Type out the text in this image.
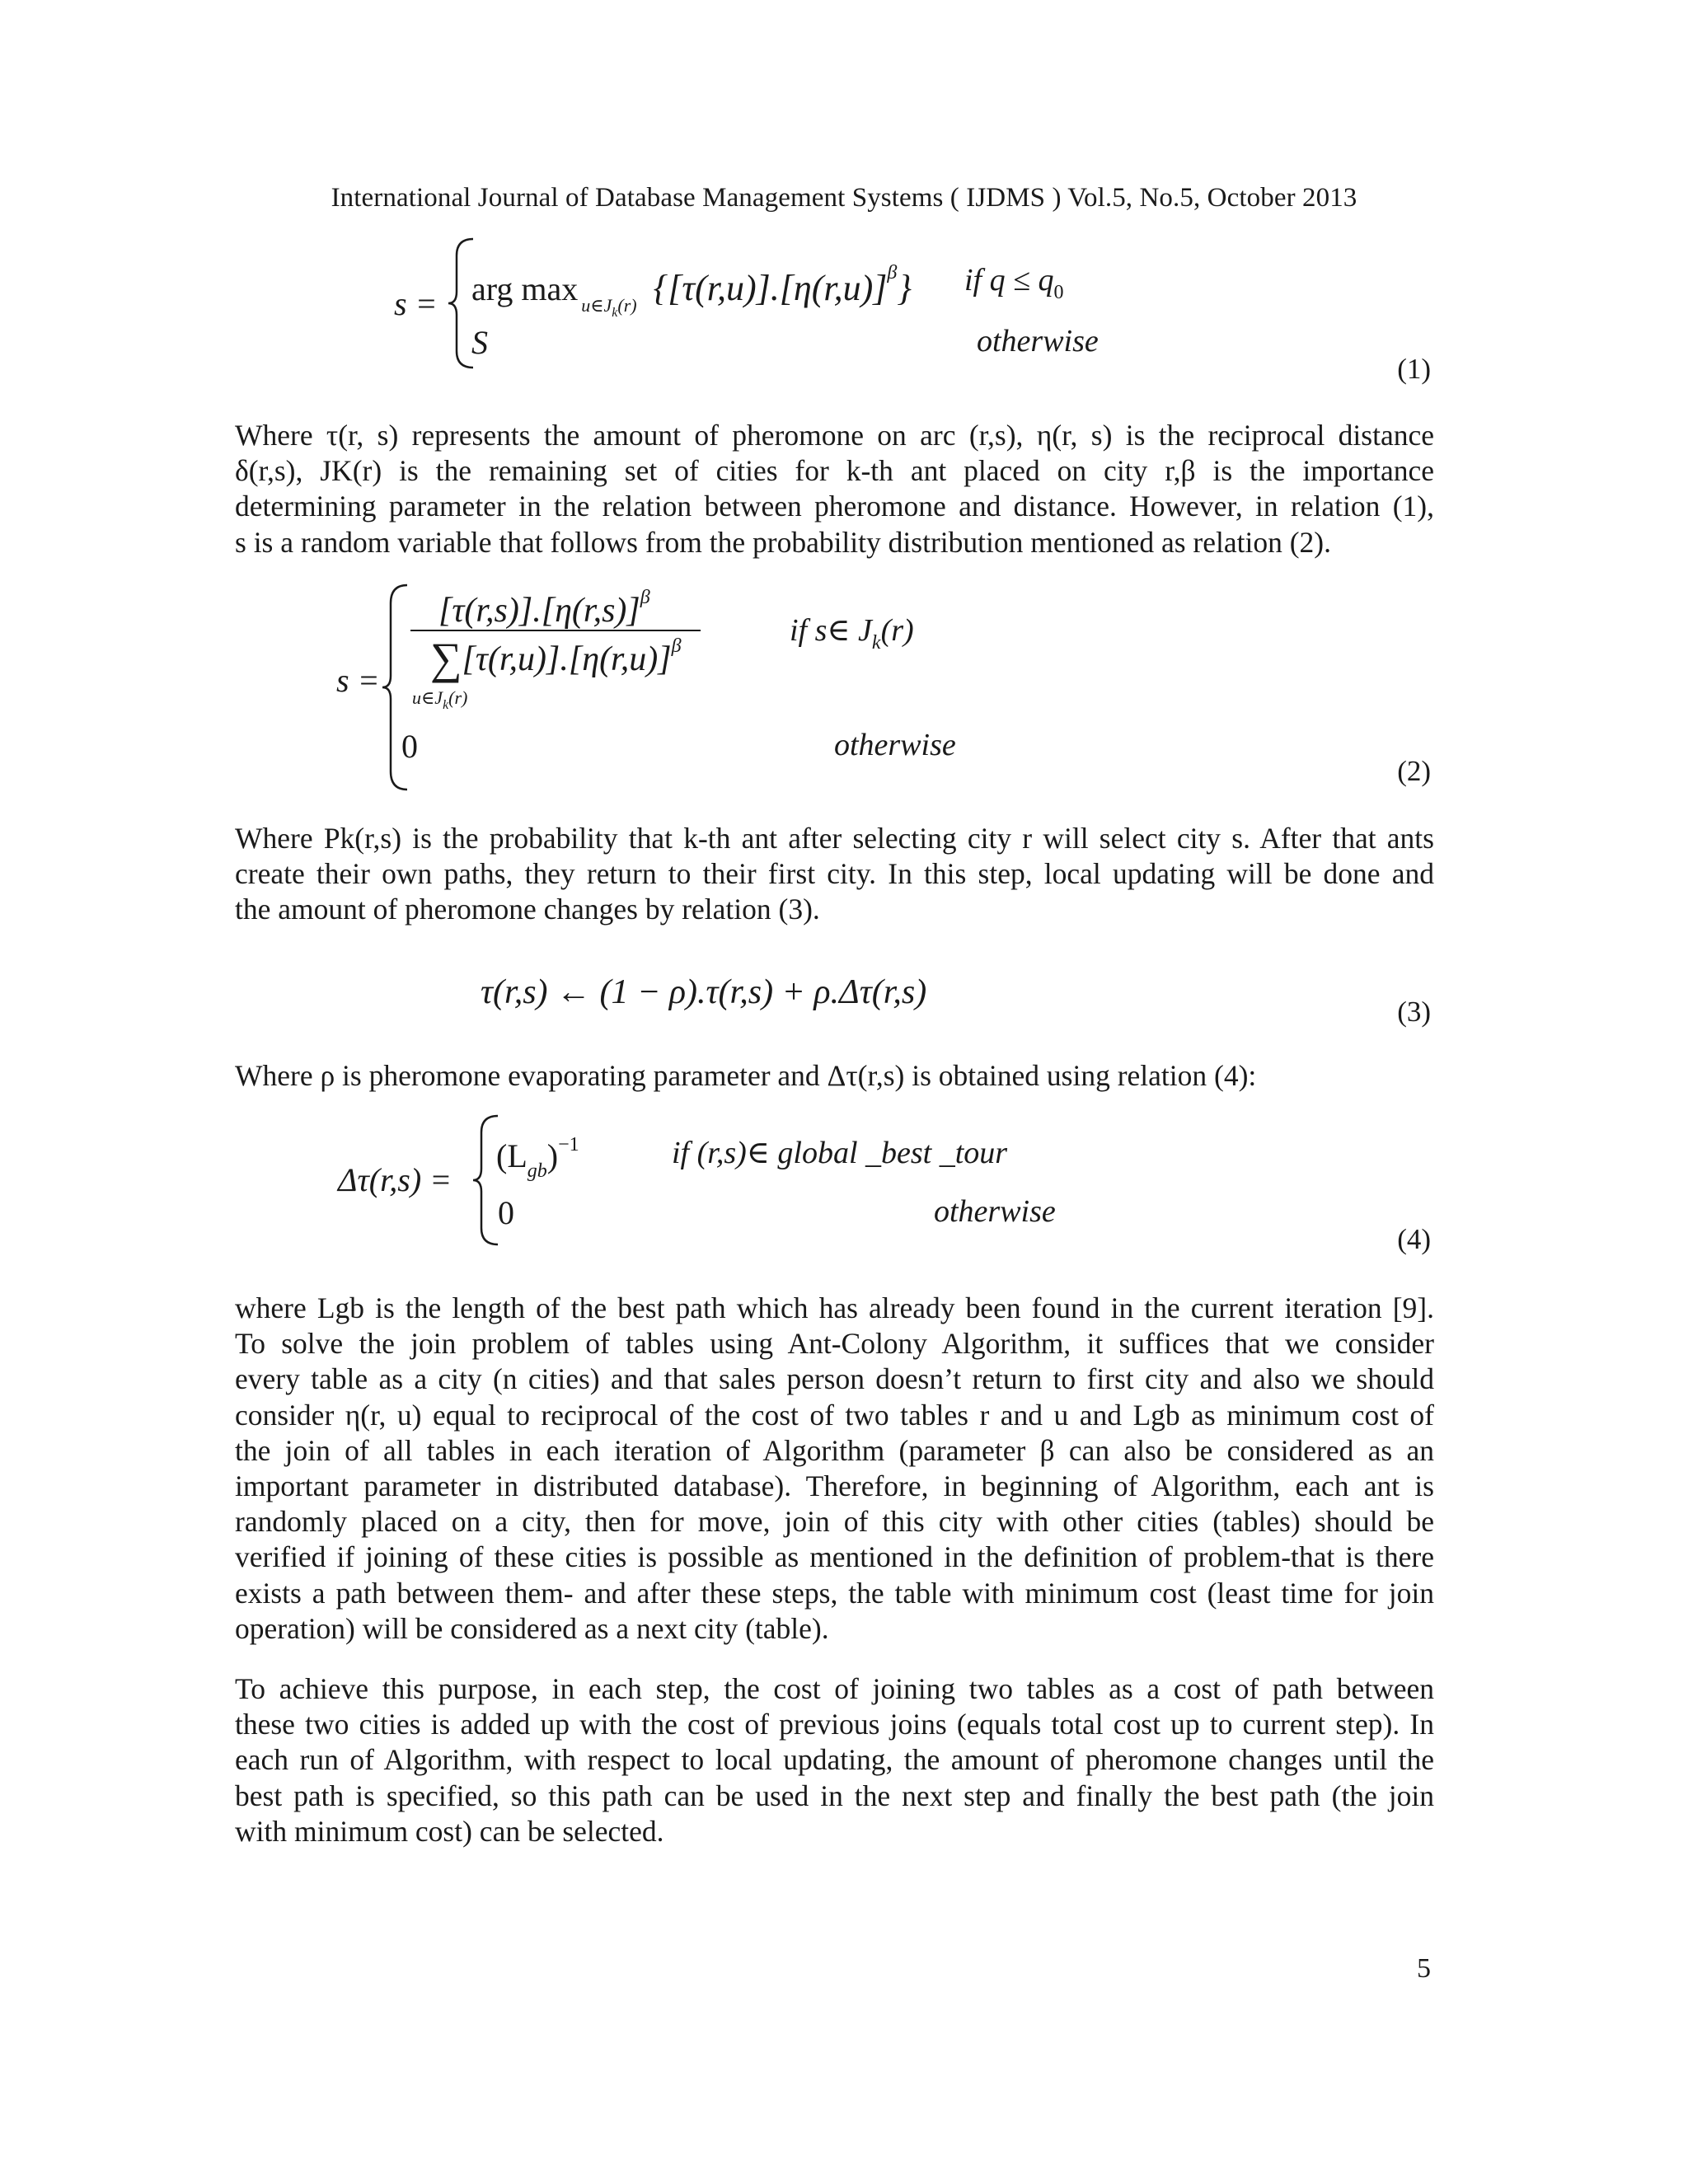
International Journal of Database Management Systems ( IJDMS ) Vol.5, No.5, October 2013
s = arg max $_{u\in J_k(r)}$ $\{[\tau(r,u)].[\eta(r,u)]^\beta\}$ if $q \le q_0$
S	otherwise
(1)
Where τ(r, s) represents the amount of pheromone on arc (r,s), η(r, s) is the reciprocal distance
δ(r,s), JK(r) is the remaining set of cities for k-th ant placed on city r,β is the importance
determining parameter in the relation between pheromone and distance. However, in relation (1),
s is a random variable that follows from the probability distribution mentioned as relation (2).
s =
$[\tau(r,s)].[\eta(r,s)]^\beta$
$\sum[\tau(r,u)].[\eta(r,u)]^\beta$
$u\in J_k(r)$
if s∈ $J_k(r)$
0	otherwise
(2)
Where Pk(r,s) is the probability that k-th ant after selecting city r will select city s. After that ants
create their own paths, they return to their first city. In this step, local updating will be done and
the amount of pheromone changes by relation (3).
τ(r,s) ← (1 − ρ).τ(r,s) + ρ.Δτ(r,s)
(3)
Where ρ is pheromone evaporating parameter and Δτ(r,s) is obtained using relation (4):
Δτ(r,s) =
$(L_{gb})^{-1}$	if (r,s)∈ global _best _tour
0	otherwise
(4)
where Lgb is the length of the best path which has already been found in the current iteration [9].
To solve the join problem of tables using Ant-Colony Algorithm, it suffices that we consider
every table as a city (n cities) and that sales person doesn’t return to first city and also we should
consider η(r, u) equal to reciprocal of the cost of two tables r and u and Lgb as minimum cost of
the join of all tables in each iteration of Algorithm (parameter β can also be considered as an
important parameter in distributed database). Therefore, in beginning of Algorithm, each ant is
randomly placed on a city, then for move, join of this city with other cities (tables) should be
verified if joining of these cities is possible as mentioned in the definition of problem-that is there
exists a path between them- and after these steps, the table with minimum cost (least time for join
operation) will be considered as a next city (table).
To achieve this purpose, in each step, the cost of joining two tables as a cost of path between
these two cities is added up with the cost of previous joins (equals total cost up to current step). In
each run of Algorithm, with respect to local updating, the amount of pheromone changes until the
best path is specified, so this path can be used in the next step and finally the best path (the join
with minimum cost) can be selected.
5
